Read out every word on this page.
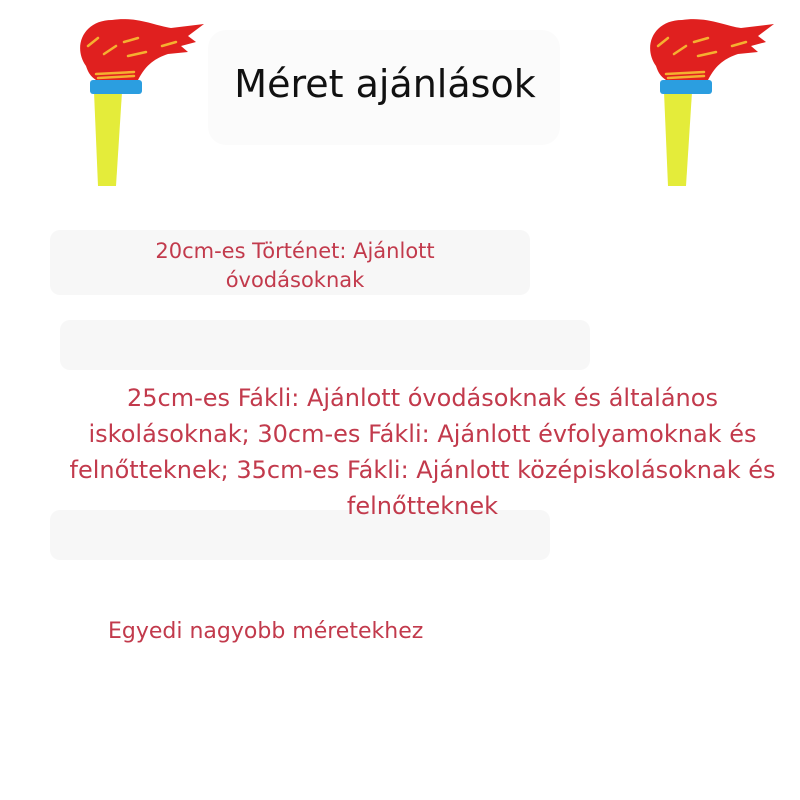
Méret ajánlások
20cm-es Történet: Ajánlott óvodásoknak
25cm-es Fákli: Ajánlott óvodásoknak és általános iskolásoknak; 30cm-es Fákli: Ajánlott évfolyamoknak és felnőtteknek; 35cm-es Fákli: Ajánlott középiskolásoknak és felnőtteknek
Egyedi nagyobb méretekhez
